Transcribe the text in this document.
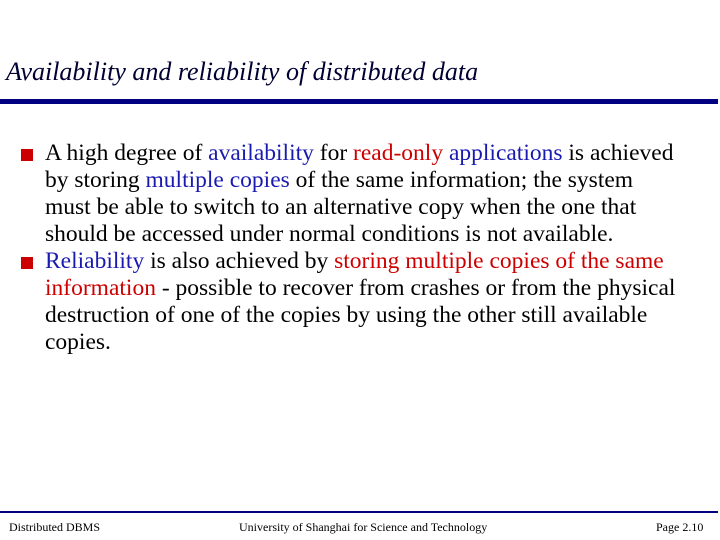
Availability and reliability of distributed data
A high degree of availability for read-only applications is achieved by storing multiple copies of the same information; the system must be able to switch to an alternative copy when the one that should be accessed under normal conditions is not available.
Reliability is also achieved by storing multiple copies of the same information - possible to recover from crashes or from the physical destruction of one of the copies by using the other still available copies.
Distributed DBMS	University of Shanghai for Science and Technology	Page 2.10
